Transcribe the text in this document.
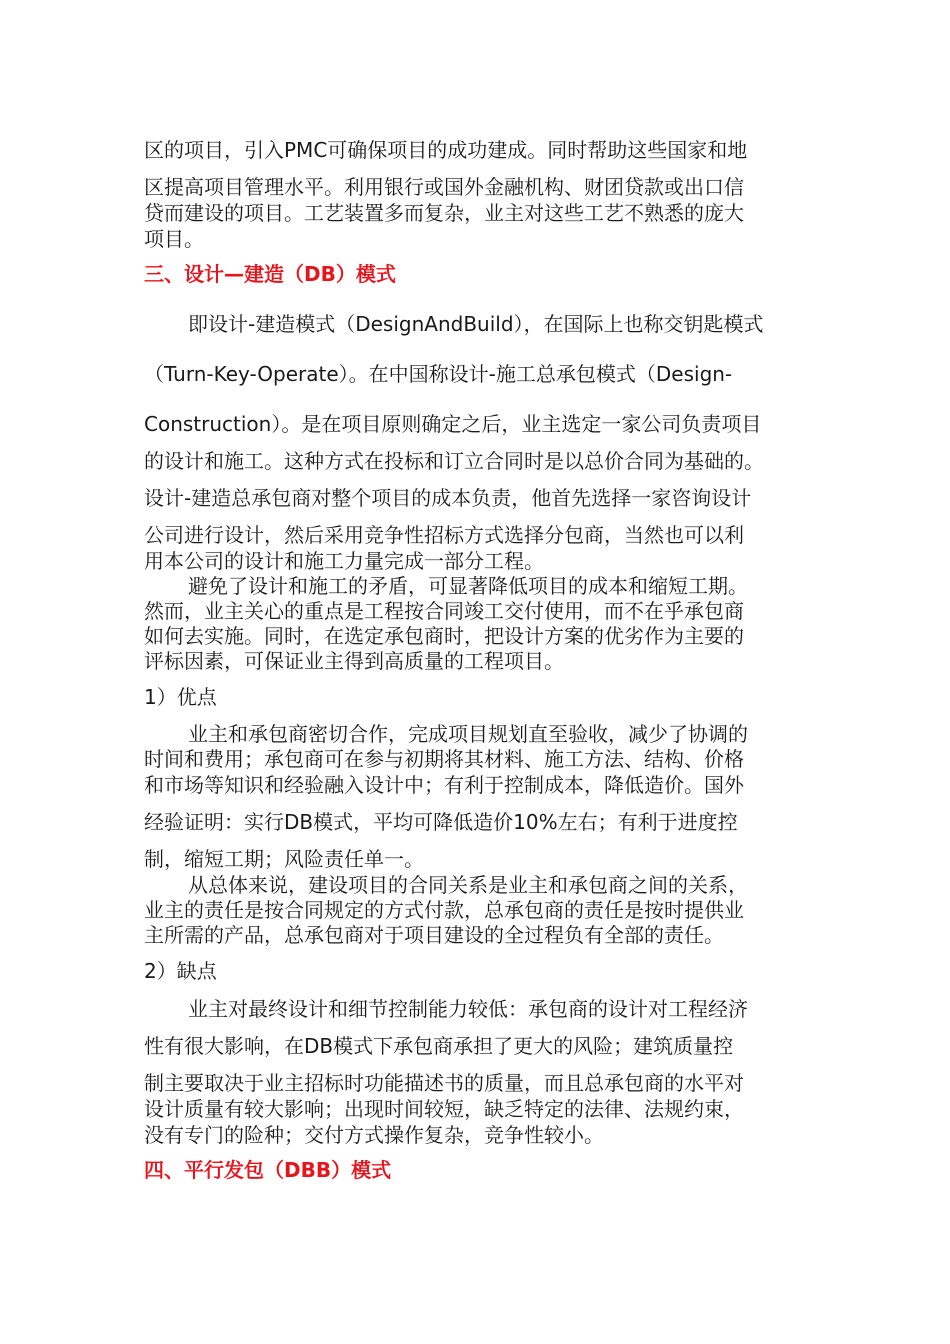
区的项目，引入PMC可确保项目的成功建成。同时帮助这些国家和地

区提高项目管理水平。利用银行或国外金融机构、财团贷款或出口信

贷而建设的项目。工艺装置多而复杂，业主对这些工艺不熟悉的庞大

项目。

三、设计—建造（DB）模式

即设计-建造模式（DesignAndBuild），在国际上也称交钥匙模式

（Turn-Key-Operate）。在中国称设计-施工总承包模式（Design-

Construction）。是在项目原则确定之后，业主选定一家公司负责项目

的设计和施工。这种方式在投标和订立合同时是以总价合同为基础的。

设计-建造总承包商对整个项目的成本负责，他首先选择一家咨询设计

公司进行设计，然后采用竞争性招标方式选择分包商，当然也可以利

用本公司的设计和施工力量完成一部分工程。

避免了设计和施工的矛盾，可显著降低项目的成本和缩短工期。

然而，业主关心的重点是工程按合同竣工交付使用，而不在乎承包商

如何去实施。同时，在选定承包商时，把设计方案的优劣作为主要的

评标因素，可保证业主得到高质量的工程项目。

1）优点

业主和承包商密切合作，完成项目规划直至验收，减少了协调的

时间和费用；承包商可在参与初期将其材料、施工方法、结构、价格

和市场等知识和经验融入设计中；有利于控制成本，降低造价。国外

经验证明：实行DB模式，平均可降低造价10%左右；有利于进度控

制，缩短工期；风险责任单一。

从总体来说，建设项目的合同关系是业主和承包商之间的关系，

业主的责任是按合同规定的方式付款，总承包商的责任是按时提供业

主所需的产品，总承包商对于项目建设的全过程负有全部的责任。

2）缺点

业主对最终设计和细节控制能力较低：承包商的设计对工程经济

性有很大影响，在DB模式下承包商承担了更大的风险；建筑质量控

制主要取决于业主招标时功能描述书的质量，而且总承包商的水平对

设计质量有较大影响；出现时间较短，缺乏特定的法律、法规约束，

没有专门的险种；交付方式操作复杂，竞争性较小。

四、平行发包（DBB）模式
